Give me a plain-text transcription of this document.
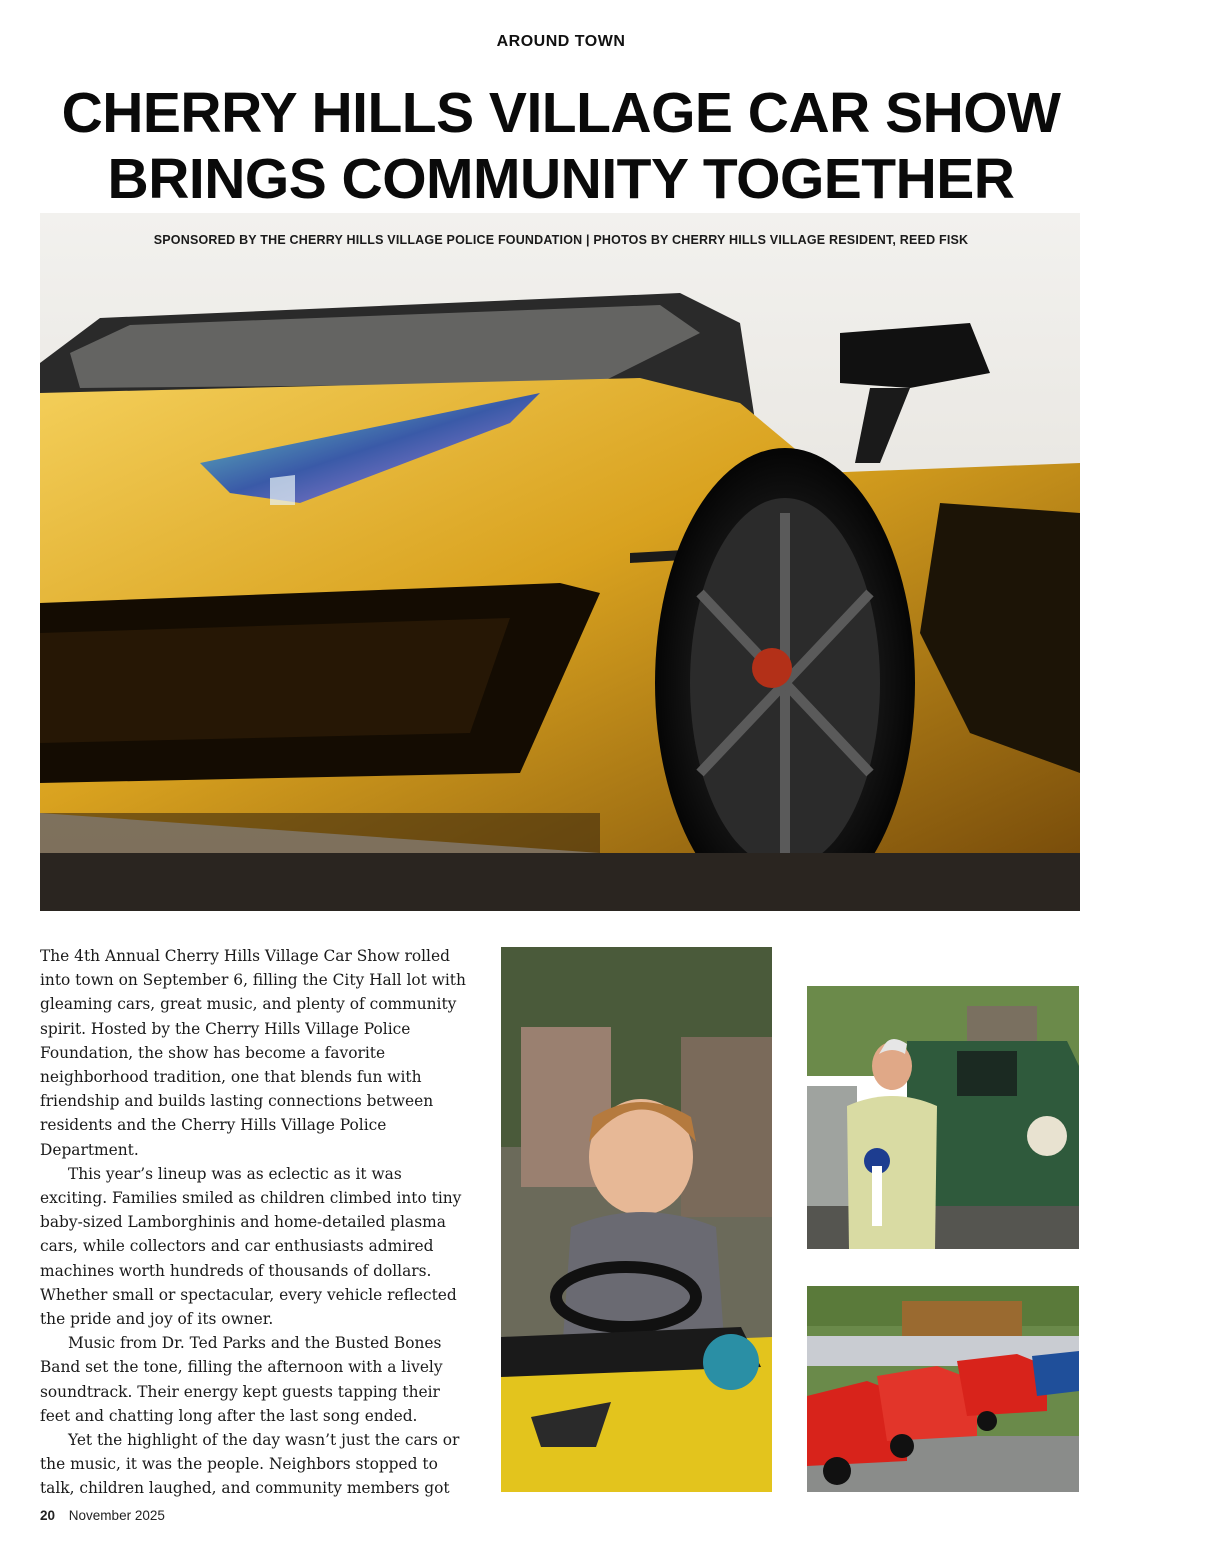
AROUND TOWN
CHERRY HILLS VILLAGE CAR SHOW
BRINGS COMMUNITY TOGETHER
SPONSORED BY THE CHERRY HILLS VILLAGE POLICE FOUNDATION | PHOTOS BY CHERRY HILLS VILLAGE RESIDENT, REED FISK

The 4th Annual Cherry Hills Village Car Show rolled into town on September 6, filling the City Hall lot with gleaming cars, great music, and plenty of community spirit. Hosted by the Cherry Hills Village Police Foundation, the show has become a favorite neighborhood tradition, one that blends fun with friendship and builds lasting connections between residents and the Cherry Hills Village Police Department.

This year’s lineup was as eclectic as it was exciting. Families smiled as children climbed into tiny baby-sized Lamborghinis and home-detailed plasma cars, while collectors and car enthusiasts admired machines worth hundreds of thousands of dollars. Whether small or spectacular, every vehicle reflected the pride and joy of its owner.

Music from Dr. Ted Parks and the Busted Bones Band set the tone, filling the afternoon with a lively soundtrack. Their energy kept guests tapping their feet and chatting long after the last song ended.

Yet the highlight of the day wasn’t just the cars or the music, it was the people. Neighbors stopped to talk, children laughed, and community members got

20 November 2025
